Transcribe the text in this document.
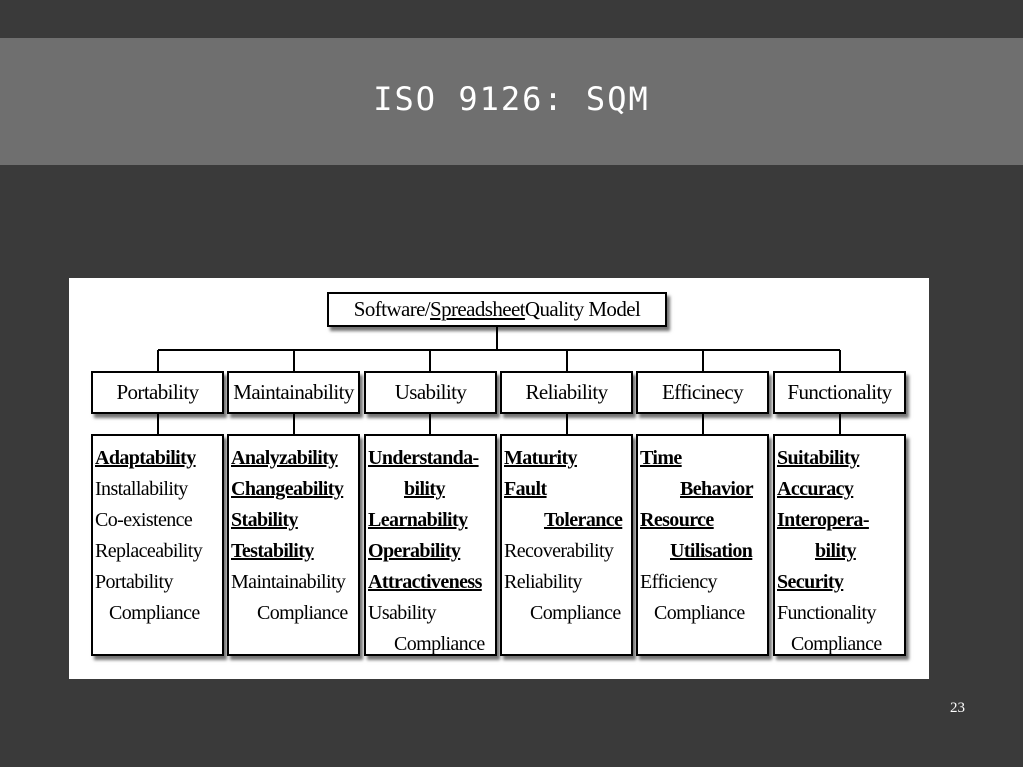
ISO 9126: SQM
Software/ Spreadsheet Quality Model
Portability
Adaptability
Installability
Co-existence
Replaceability
Portability
Compliance
Maintainability
Analyzability
Changeability
Stability
Testability
Maintainability
Compliance
Usability
Understanda-
bility
Learnability
Operability
Attractiveness
Usability
Compliance
Reliability
Maturity
Fault
Tolerance
Recoverability
Reliability
Compliance
Efficinecy
Time
Behavior
Resource
Utilisation
Efficiency
Compliance
Functionality
Suitability
Accuracy
Interopera-
bility
Security
Functionality
Compliance
23
